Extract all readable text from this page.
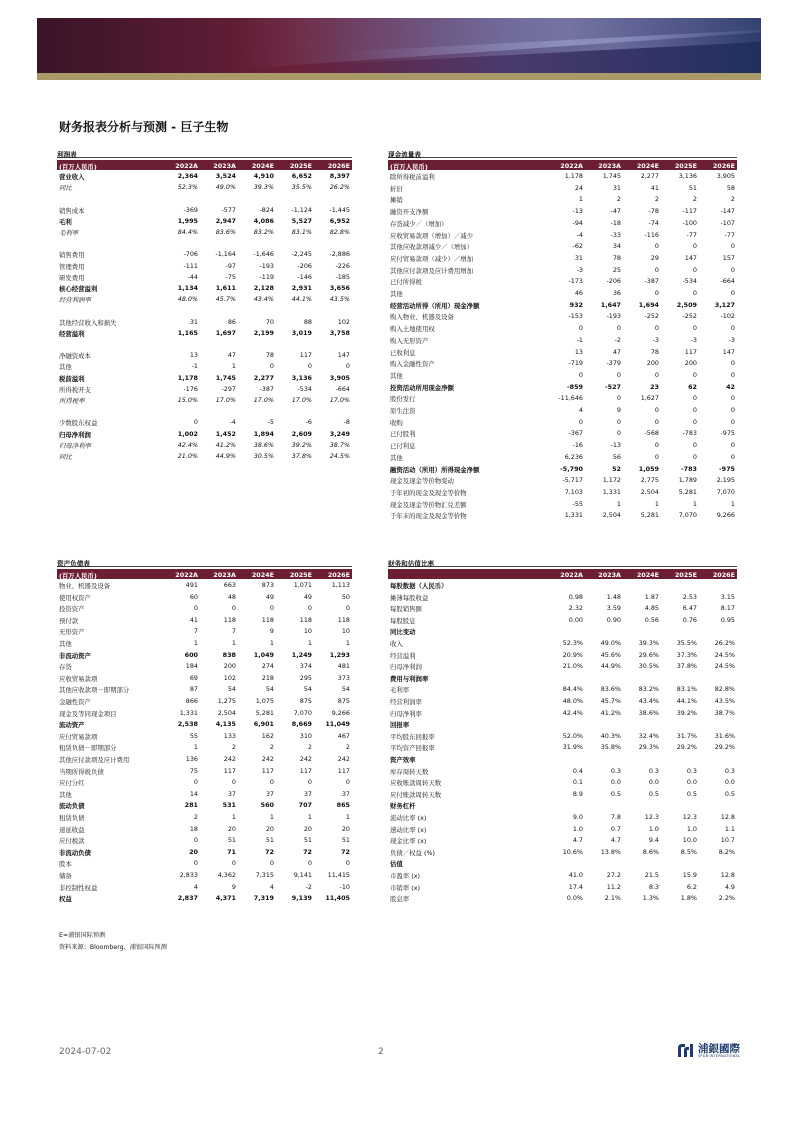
财务报表分析与预测 - 巨子生物
利润表
(百万人民币)	2022A	2023A	2024E	2025E	2026E
营业收入	2,364	3,524	4,910	6,652	8,397
同比	52.3%	49.0%	39.3%	35.5%	26.2%
销售成本	-369	-577	-824	-1,124	-1,445
毛利	1,995	2,947	4,086	5,527	6,952
毛利率	84.4%	83.6%	83.2%	83.1%	82.8%
销售费用	-706	-1,164	-1,646	-2,245	-2,886
管理费用	-111	-97	-193	-206	-226
研发费用	-44	-75	-119	-146	-185
核心经营溢利	1,134	1,611	2,128	2,931	3,656
经营利润率	48.0%	45.7%	43.4%	44.1%	43.5%
其他经营收入和损失	31	86	70	88	102
经营溢利	1,165	1,697	2,199	3,019	3,758
净融资成本	13	47	78	117	147
其他	-1	1	0	0	0
税前溢利	1,178	1,745	2,277	3,136	3,905
所得税开支	-176	-297	-387	-534	-664
所得税率	15.0%	17.0%	17.0%	17.0%	17.0%
少数股东权益	0	-4	-5	-6	-8
归母净利润	1,002	1,452	1,894	2,609	3,249
归母净利率	42.4%	41.2%	38.6%	39.2%	38.7%
同比	21.0%	44.9%	30.5%	37.8%	24.5%
现金流量表
(百万人民币)	2022A	2023A	2024E	2025E	2026E
除所得税前溢利	1,178	1,745	2,277	3,136	3,905
折旧	24	31	41	51	58
摊销	1	2	2	2	2
融资开支净额	-13	-47	-78	-117	-147
存货减少／（增加）	-94	-18	-74	-100	-107
应收贸易款项（增加）／减少	-4	-33	-116	-77	-77
其他应收款项减少／（增加）	-62	34	0	0	0
应付贸易款项（减少）／增加	31	78	29	147	157
其他应付款项及应计费用增加	-3	25	0	0	0
已付所得税	-173	-206	-387	-534	-664
其他	46	36	0	0	0
经营活动所得（所用）现金净额	932	1,647	1,694	2,509	3,127
购入物业、机器及设备	-153	-193	-252	-252	-102
购入土地使用权	0	0	0	0	0
购入无形资产	-1	-2	-3	-3	-3
已收利息	13	47	78	117	147
购入金融性资产	-719	-379	200	200	0
其他	0	0	0	0	0
投资活动所用现金净额	-859	-527	23	62	42
股份发行	-11,646	0	1,627	0	0
原生注资	4	9	0	0	0
收购	0	0	0	0	0
已付股利	-367	0	-568	-783	-975
已付利息	-16	-13	0	0	0
其他	6,236	56	0	0	0
融资活动（所用）所得现金净额	-5,790	52	1,059	-783	-975
现金及现金等价物变动	-5,717	1,172	2,775	1,789	2,195
于年初的现金及现金等价物	7,103	1,331	2,504	5,281	7,070
现金及现金等价物汇兑差额	-55	1	1	1	1
于年末的现金及现金等价物	1,331	2,504	5,281	7,070	9,266
资产负债表
(百万人民币)	2022A	2023A	2024E	2025E	2026E
物业、机器及设备	491	663	873	1,071	1,113
使用权资产	60	48	49	49	50
投资资产	0	0	0	0	0
预付款	41	118	118	118	118
无形资产	7	7	9	10	10
其他	1	1	1	1	1
非流动资产	600	838	1,049	1,249	1,293
存货	184	200	274	374	481
应收贸易款项	69	102	218	295	373
其他应收款项－即期部分	87	54	54	54	54
金融性资产	866	1,275	1,075	875	875
现金及等同现金项目	1,331	2,504	5,281	7,070	9,266
流动资产	2,538	4,135	6,901	8,669	11,049
应付贸易款项	55	133	162	310	467
租赁负债－即期部分	1	2	2	2	2
其他应付款项及应计费用	136	242	242	242	242
当期所得税负债	75	117	117	117	117
应付分红	0	0	0	0	0
其他	14	37	37	37	37
流动负债	281	531	560	707	865
租赁负债	2	1	1	1	1
递延收益	18	20	20	20	20
应付税款	0	51	51	51	51
非流动负债	20	71	72	72	72
股本	0	0	0	0	0
储备	2,833	4,362	7,315	9,141	11,415
非控制性权益	4	9	4	-2	-10
权益	2,837	4,371	7,319	9,139	11,405
财务和估值比率
2022A	2023A	2024E	2025E	2026E
每股数据（人民币）
摊薄每股收益	0.98	1.48	1.87	2.53	3.15
每股销售额	2.32	3.59	4.85	6.47	8.17
每股股息	0.00	0.90	0.56	0.76	0.95
同比变动
收入	52.3%	49.0%	39.3%	35.5%	26.2%
经营溢利	20.9%	45.6%	29.6%	37.3%	24.5%
归母净利润	21.0%	44.9%	30.5%	37.8%	24.5%
费用与利润率
毛利率	84.4%	83.6%	83.2%	83.1%	82.8%
经营利润率	48.0%	45.7%	43.4%	44.1%	43.5%
归母净利率	42.4%	41.2%	38.6%	39.2%	38.7%
回报率
平均股东回报率	52.0%	40.3%	32.4%	31.7%	31.6%
平均资产回报率	31.9%	35.8%	29.3%	29.2%	29.2%
资产效率
库存周转天数	0.4	0.3	0.3	0.3	0.3
应收账款周转天数	0.1	0.0	0.0	0.0	0.0
应付账款周转天数	8.9	0.5	0.5	0.5	0.5
财务杠杆
流动比率 (x)	9.0	7.8	12.3	12.3	12.8
速动比率 (x)	1.0	0.7	1.0	1.0	1.1
现金比率 (x)	4.7	4.7	9.4	10.0	10.7
负债／权益 (%)	10.6%	13.8%	8.6%	8.5%	8.2%
估值
市盈率 (x)	41.0	27.2	21.5	15.9	12.8
市销率 (x)	17.4	11.2	8.3	6.2	4.9
股息率	0.0%	2.1%	1.3%	1.8%	2.2%
E=浦银国际预测
资料来源：Bloomberg、浦银国际预测
2024-07-02	2	浦銀國際
SPDB INTERNATIONAL
